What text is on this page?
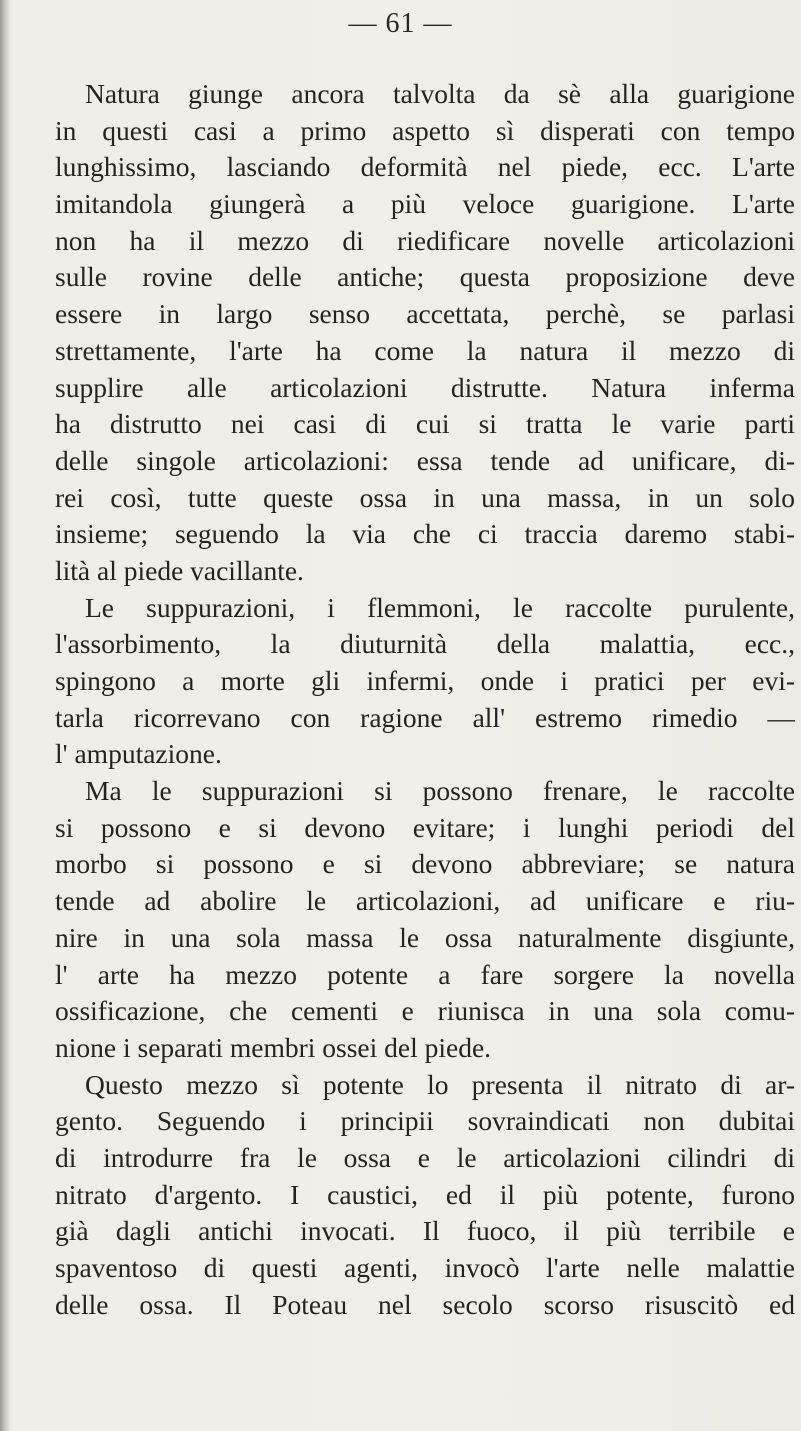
— 61 —
Natura giunge ancora talvolta da sè alla guarigione
in questi casi a primo aspetto sì disperati con tempo
lunghissimo, lasciando deformità nel piede, ecc. L'arte
imitandola giungerà a più veloce guarigione. L'arte
non ha il mezzo di riedificare novelle articolazioni
sulle rovine delle antiche; questa proposizione deve
essere in largo senso accettata, perchè, se parlasi
strettamente, l'arte ha come la natura il mezzo di
supplire alle articolazioni distrutte. Natura inferma
ha distrutto nei casi di cui si tratta le varie parti
delle singole articolazioni: essa tende ad unificare, di-
rei così, tutte queste ossa in una massa, in un solo
insieme; seguendo la via che ci traccia daremo stabi-
lità al piede vacillante.
Le suppurazioni, i flemmoni, le raccolte purulente,
l'assorbimento, la diuturnità della malattia, ecc.,
spingono a morte gli infermi, onde i pratici per evi-
tarla ricorrevano con ragione all' estremo rimedio —
l' amputazione.
Ma le suppurazioni si possono frenare, le raccolte
si possono e si devono evitare; i lunghi periodi del
morbo si possono e si devono abbreviare; se natura
tende ad abolire le articolazioni, ad unificare e riu-
nire in una sola massa le ossa naturalmente disgiunte,
l' arte ha mezzo potente a fare sorgere la novella
ossificazione, che cementi e riunisca in una sola comu-
nione i separati membri ossei del piede.
Questo mezzo sì potente lo presenta il nitrato di ar-
gento. Seguendo i principii sovraindicati non dubitai
di introdurre fra le ossa e le articolazioni cilindri di
nitrato d'argento. I caustici, ed il più potente, furono
già dagli antichi invocati. Il fuoco, il più terribile e
spaventoso di questi agenti, invocò l'arte nelle malattie
delle ossa. Il Poteau nel secolo scorso risuscitò ed
